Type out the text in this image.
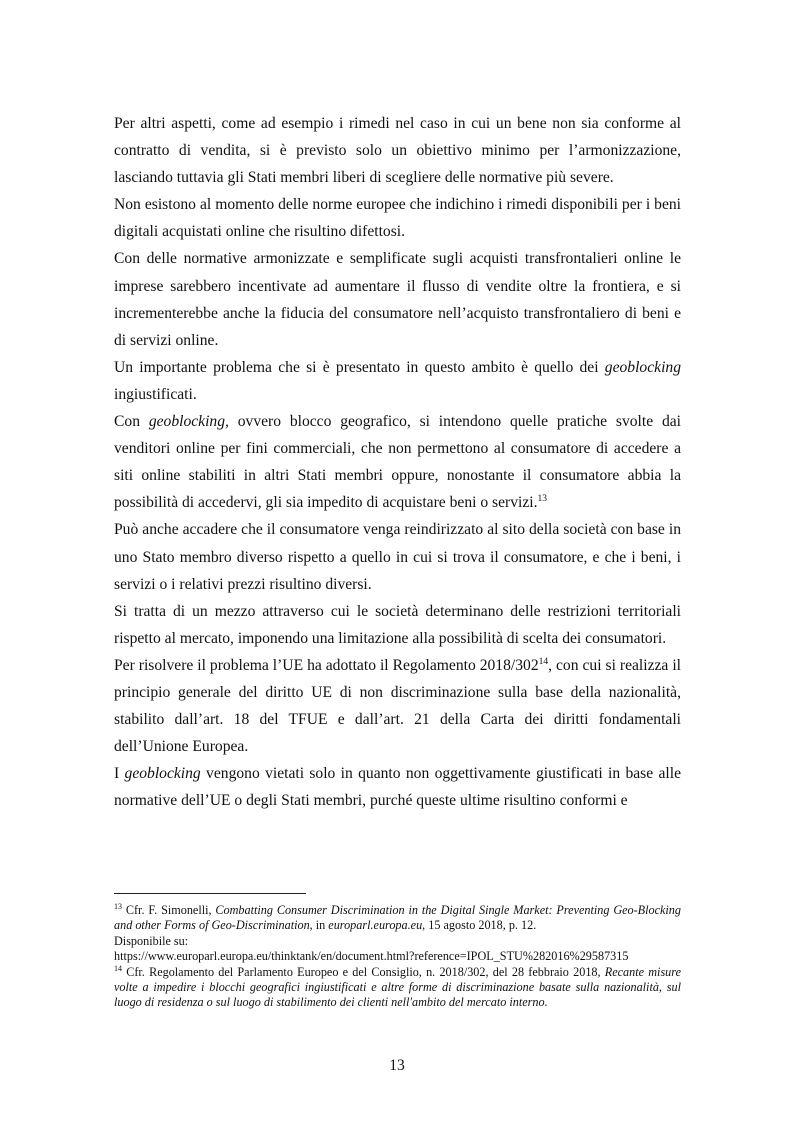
Per altri aspetti, come ad esempio i rimedi nel caso in cui un bene non sia conforme al contratto di vendita, si è previsto solo un obiettivo minimo per l’armonizzazione, lasciando tuttavia gli Stati membri liberi di scegliere delle normative più severe.

Non esistono al momento delle norme europee che indichino i rimedi disponibili per i beni digitali acquistati online che risultino difettosi.

Con delle normative armonizzate e semplificate sugli acquisti transfrontalieri online le imprese sarebbero incentivate ad aumentare il flusso di vendite oltre la frontiera, e si incrementerebbe anche la fiducia del consumatore nell’acquisto transfrontaliero di beni e di servizi online.

Un importante problema che si è presentato in questo ambito è quello dei geoblocking ingiustificati.

Con geoblocking, ovvero blocco geografico, si intendono quelle pratiche svolte dai venditori online per fini commerciali, che non permettono al consumatore di accedere a siti online stabiliti in altri Stati membri oppure, nonostante il consumatore abbia la possibilità di accedervi, gli sia impedito di acquistare beni o servizi.$^{13}$

Può anche accadere che il consumatore venga reindirizzato al sito della società con base in uno Stato membro diverso rispetto a quello in cui si trova il consumatore, e che i beni, i servizi o i relativi prezzi risultino diversi.

Si tratta di un mezzo attraverso cui le società determinano delle restrizioni territoriali rispetto al mercato, imponendo una limitazione alla possibilità di scelta dei consumatori.

Per risolvere il problema l’UE ha adottato il Regolamento 2018/302$^{14}$, con cui si realizza il principio generale del diritto UE di non discriminazione sulla base della nazionalità, stabilito dall’art. 18 del TFUE e dall’art. 21 della Carta dei diritti fondamentali dell’Unione Europea.

I geoblocking vengono vietati solo in quanto non oggettivamente giustificati in base alle normative dell’UE o degli Stati membri, purché queste ultime risultino conformi e

$^{13}$ Cfr. F. Simonelli, Combatting Consumer Discrimination in the Digital Single Market: Preventing Geo-Blocking and other Forms of Geo-Discrimination, in europarl.europa.eu, 15 agosto 2018, p. 12.

Disponibile su:

https://www.europarl.europa.eu/thinktank/en/document.html?reference=IPOL_STU%282016%29587315

$^{14}$ Cfr. Regolamento del Parlamento Europeo e del Consiglio, n. 2018/302, del 28 febbraio 2018, Recante misure volte a impedire i blocchi geografici ingiustificati e altre forme di discriminazione basate sulla nazionalità, sul luogo di residenza o sul luogo di stabilimento dei clienti nell'ambito del mercato interno.

13
